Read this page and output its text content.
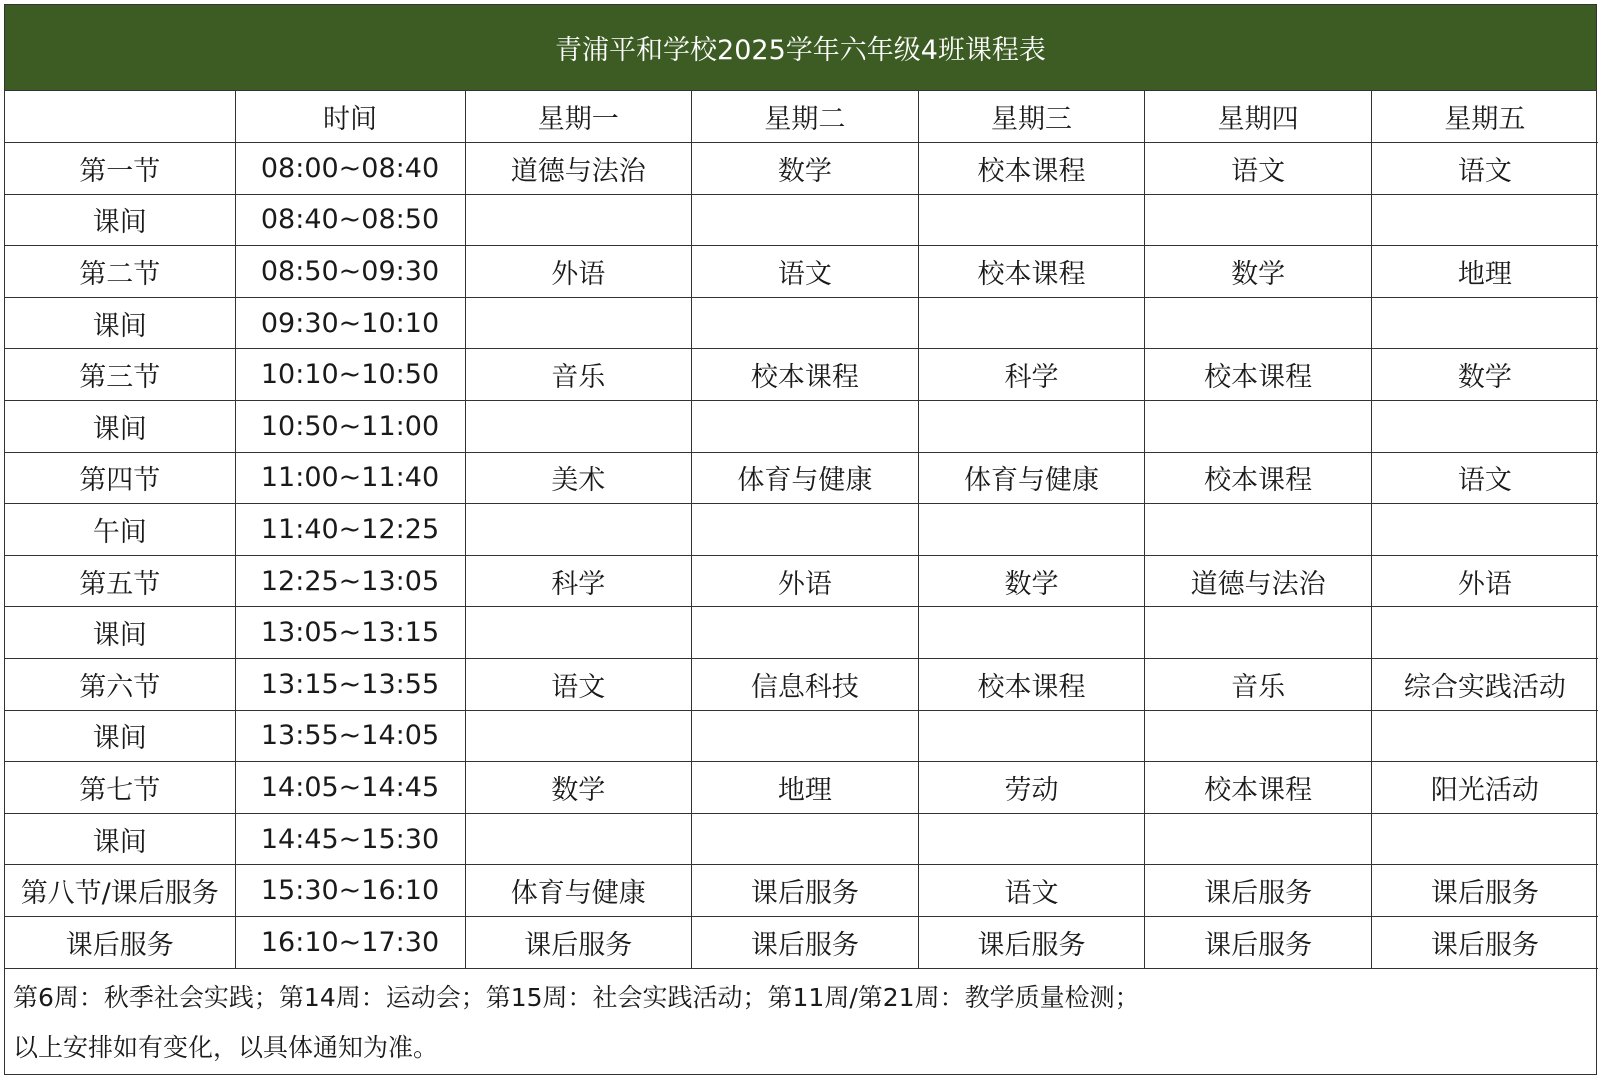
青浦平和学校2025学年六年级4班课程表
	时间	星期一	星期二	星期三	星期四	星期五
第一节	08:00~08:40	道德与法治	数学	校本课程	语文	语文
课间	08:40~08:50					
第二节	08:50~09:30	外语	语文	校本课程	数学	地理
课间	09:30~10:10					
第三节	10:10~10:50	音乐	校本课程	科学	校本课程	数学
课间	10:50~11:00					
第四节	11:00~11:40	美术	体育与健康	体育与健康	校本课程	语文
午间	11:40~12:25					
第五节	12:25~13:05	科学	外语	数学	道德与法治	外语
课间	13:05~13:15					
第六节	13:15~13:55	语文	信息科技	校本课程	音乐	综合实践活动
课间	13:55~14:05					
第七节	14:05~14:45	数学	地理	劳动	校本课程	阳光活动
课间	14:45~15:30					
第八节/课后服务	15:30~16:10	体育与健康	课后服务	语文	课后服务	课后服务
课后服务	16:10~17:30	课后服务	课后服务	课后服务	课后服务	课后服务
第6周：秋季社会实践；第14周：运动会；第15周：社会实践活动；第11周/第21周：教学质量检测；
以上安排如有变化，以具体通知为准。
